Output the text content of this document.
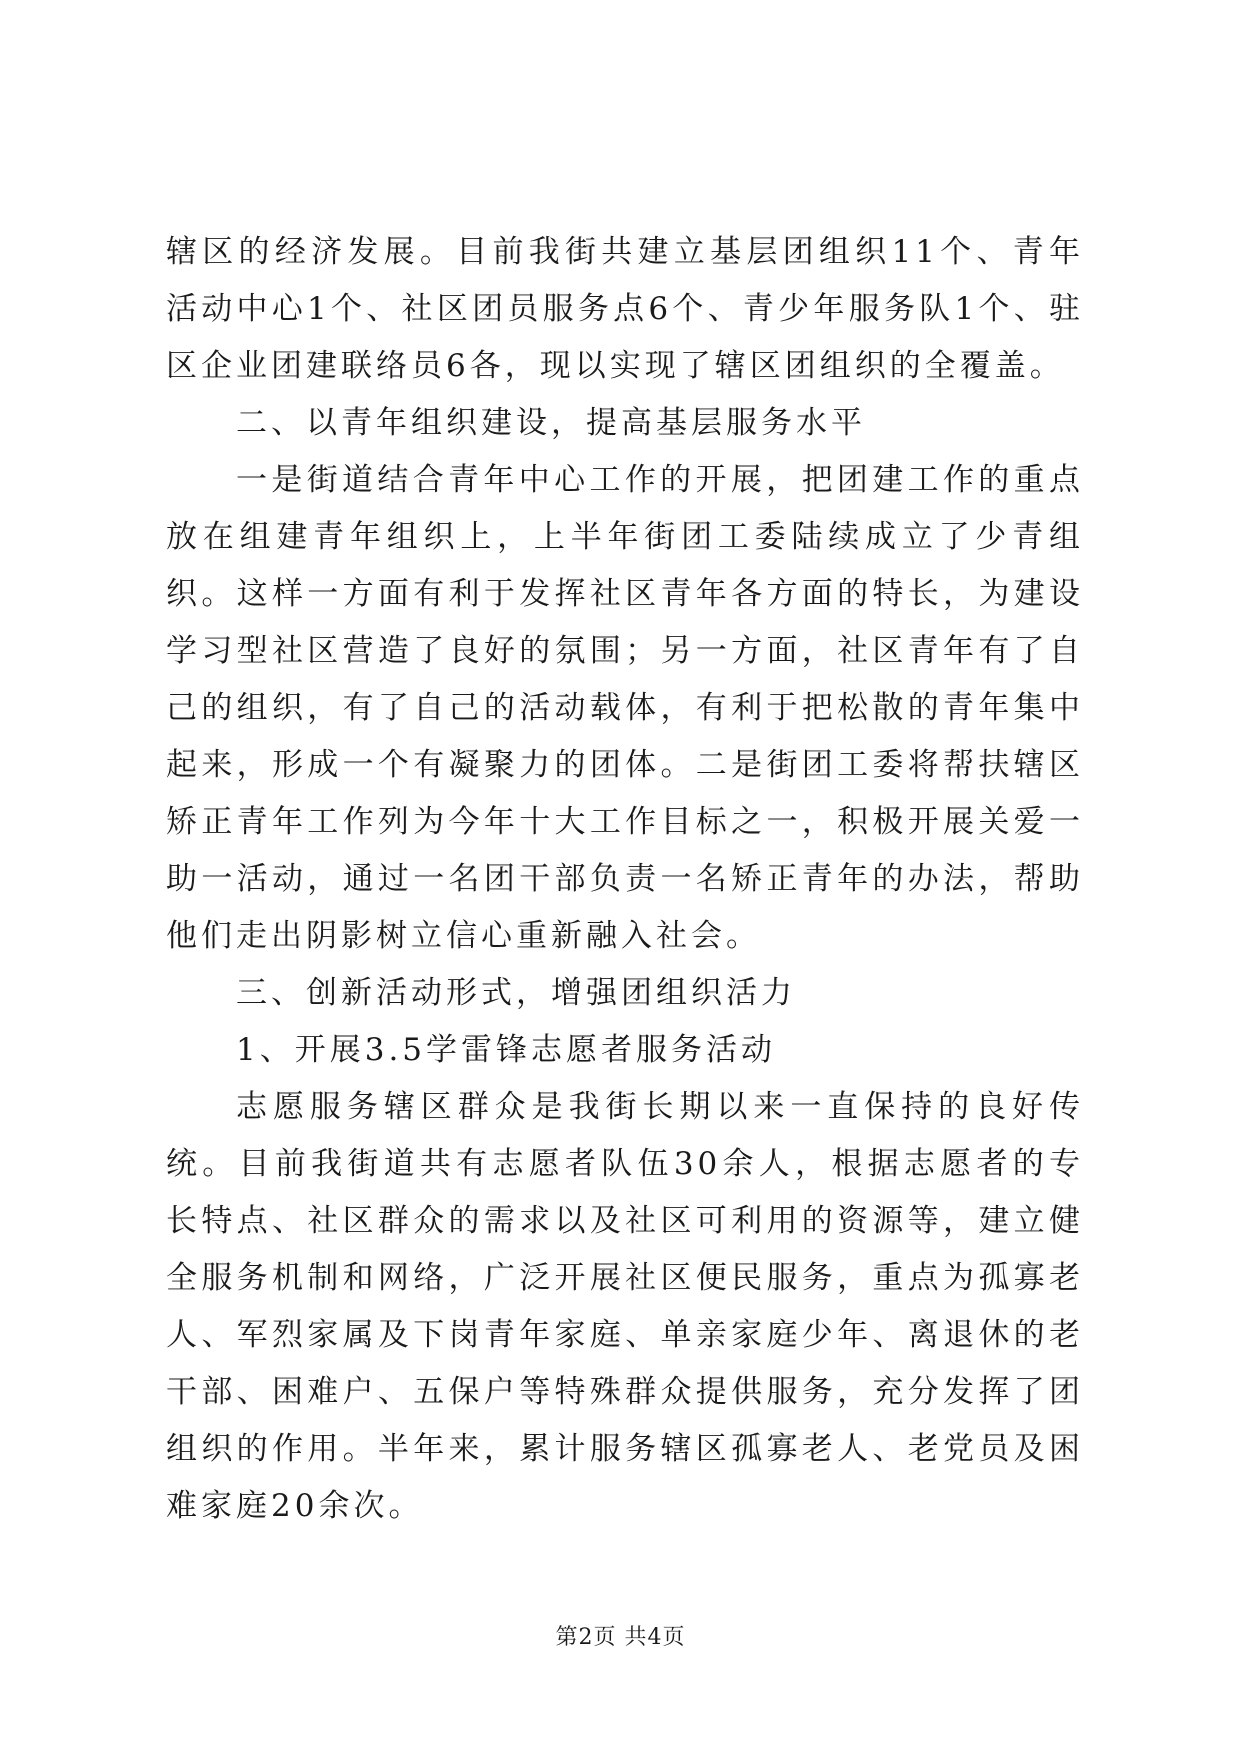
辖区的经济发展。目前我街共建立基层团组织11个、青年活动中心1个、社区团员服务点6个、青少年服务队1个、驻区企业团建联络员6各，现以实现了辖区团组织的全覆盖。

二、以青年组织建设，提高基层服务水平

一是街道结合青年中心工作的开展，把团建工作的重点放在组建青年组织上，上半年街团工委陆续成立了少青组织。这样一方面有利于发挥社区青年各方面的特长，为建设学习型社区营造了良好的氛围；另一方面，社区青年有了自己的组织，有了自己的活动载体，有利于把松散的青年集中起来，形成一个有凝聚力的团体。二是街团工委将帮扶辖区矫正青年工作列为今年十大工作目标之一，积极开展关爱一助一活动，通过一名团干部负责一名矫正青年的办法，帮助他们走出阴影树立信心重新融入社会。

三、创新活动形式，增强团组织活力

1、开展3.5学雷锋志愿者服务活动

志愿服务辖区群众是我街长期以来一直保持的良好传统。目前我街道共有志愿者队伍30余人，根据志愿者的专长特点、社区群众的需求以及社区可利用的资源等，建立健全服务机制和网络，广泛开展社区便民服务，重点为孤寡老人、军烈家属及下岗青年家庭、单亲家庭少年、离退休的老干部、困难户、五保户等特殊群众提供服务，充分发挥了团组织的作用。半年来，累计服务辖区孤寡老人、老党员及困难家庭20余次。

第2页 共4页
